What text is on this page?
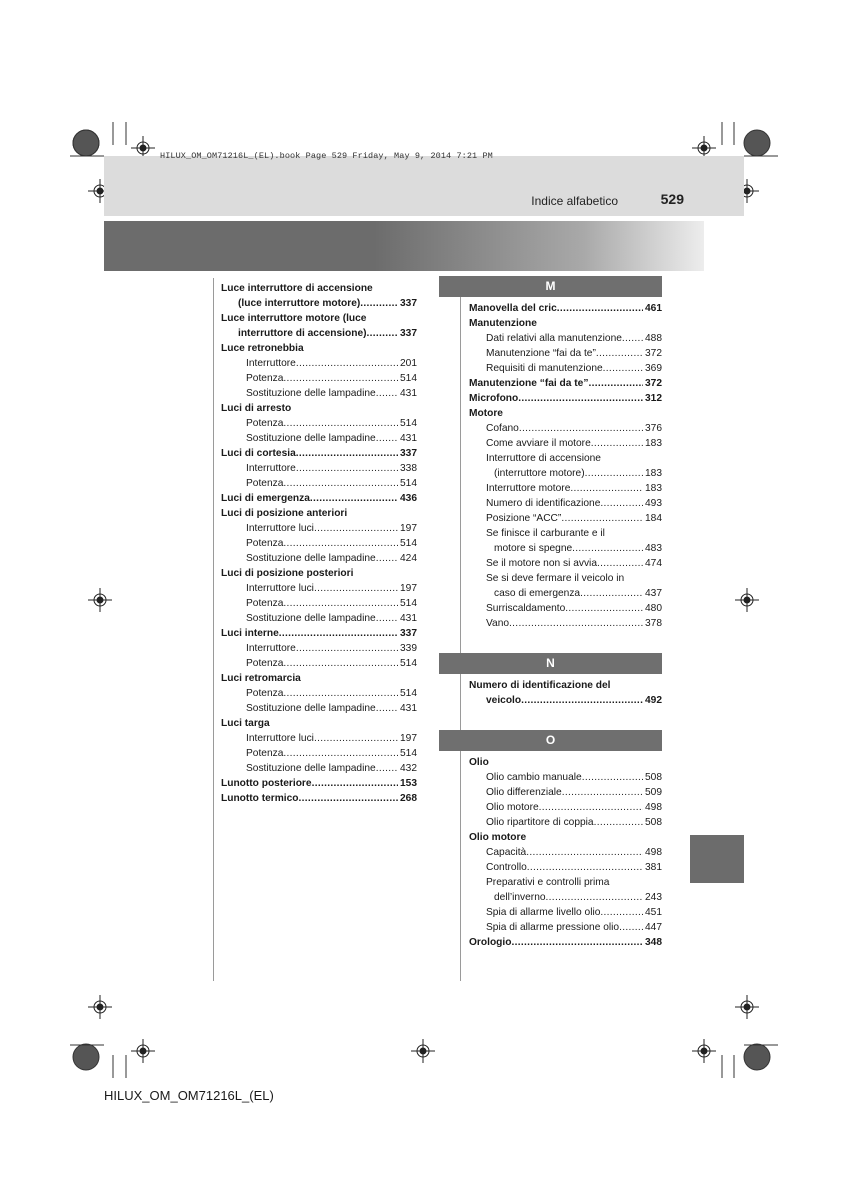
HILUX_OM_OM71216L_(EL).book Page 529 Friday, May 9, 2014 7:21 PM
Indice alfabetico	529
Luce interruttore di accensione
(luce interruttore motore) .....	337
Luce interruttore motore (luce
interruttore di accensione) .....	337
Luce retronebbia
Interruttore .....	201
Potenza .....	514
Sostituzione delle lampadine ..... 431
Luci di arresto
Potenza .....	514
Sostituzione delle lampadine ..... 431
Luci di cortesia .....	337
Interruttore .....	338
Potenza .....	514
Luci di emergenza .....	436
Luci di posizione anteriori
Interruttore luci .....	197
Potenza .....	514
Sostituzione delle lampadine ..... 424
Luci di posizione posteriori
Interruttore luci .....	197
Potenza .....	514
Sostituzione delle lampadine ..... 431
Luci interne .....	337
Interruttore .....	339
Potenza .....	514
Luci retromarcia
Potenza .....	514
Sostituzione delle lampadine ..... 431
Luci targa
Interruttore luci .....	197
Potenza .....	514
Sostituzione delle lampadine ..... 432
Lunotto posteriore .....	153
Lunotto termico .....	268
M
Manovella del cric .....	461
Manutenzione
Dati relativi alla manutenzione ..... 488
Manutenzione “fai da te” .....	372
Requisiti di manutenzione .....	369
Manutenzione “fai da te” .....	372
Microfono .....	312
Motore
Cofano .....	376
Come avviare il motore .....	183
Interruttore di accensione
(interruttore motore) .....	183
Interruttore motore .....	183
Numero di identificazione .....	493
Posizione “ACC” .....	184
Se finisce il carburante e il
motore si spegne .....	483
Se il motore non si avvia .....	474
Se si deve fermare il veicolo in
caso di emergenza .....	437
Surriscaldamento .....	480
Vano .....	378
N
Numero di identificazione del
veicolo .....	492
O
Olio
Olio cambio manuale .....	508
Olio differenziale .....	509
Olio motore .....	498
Olio ripartitore di coppia .....	508
Olio motore
Capacità .....	498
Controllo .....	381
Preparativi e controlli prima
dell’inverno .....	243
Spia di allarme livello olio .....	451
Spia di allarme pressione olio .....	447
Orologio .....	348
HILUX_OM_OM71216L_(EL)
